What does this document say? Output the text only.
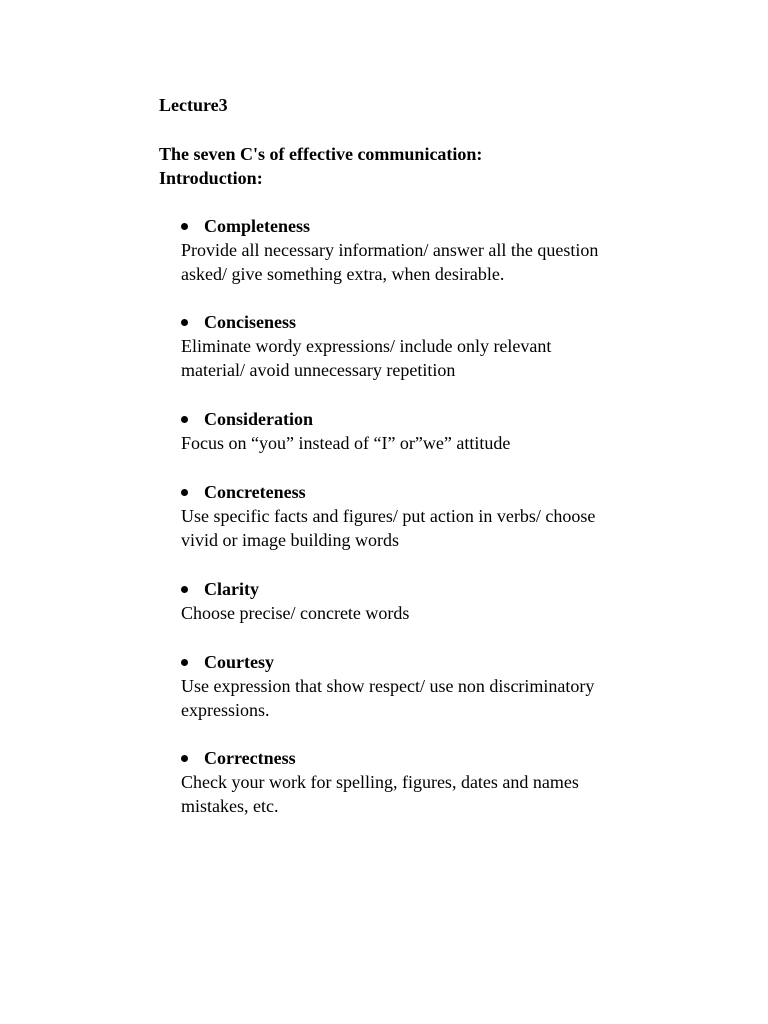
Lecture3
The seven C's of effective communication:
Introduction:
Completeness

Provide all necessary information/ answer all the question
asked/ give something extra, when desirable.

Conciseness

Eliminate wordy expressions/ include only relevant
material/ avoid unnecessary repetition

Consideration

Focus on “you” instead of “I” or”we” attitude

Concreteness

Use specific facts and figures/ put action in verbs/ choose
vivid or image building words

Clarity

Choose precise/ concrete words

Courtesy

Use expression that show respect/ use non discriminatory
expressions.

Correctness

Check your work for spelling, figures, dates and names
mistakes, etc.
